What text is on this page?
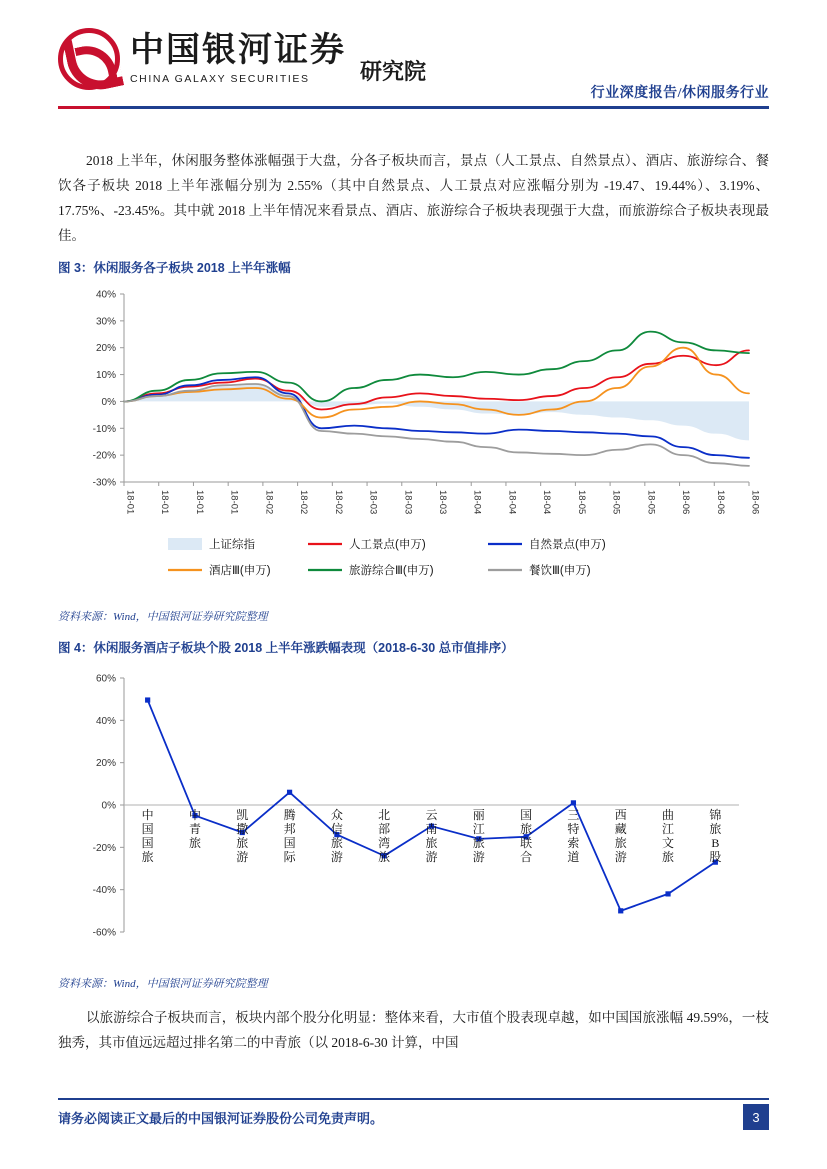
中国银河证券
CHINA GALAXY SECURITIES	研究院
行业深度报告/休闲服务行业
2018 上半年，休闲服务整体涨幅强于大盘，分各子板块而言，景点（人工景点、自然景点）、酒店、旅游综合、餐饮各子板块 2018 上半年涨幅分别为 2.55%（其中自然景点、人工景点对应涨幅分别为 -19.47、19.44%）、3.19%、17.75%、-23.45%。其中就 2018 上半年情况来看景点、酒店、旅游综合子板块表现强于大盘，而旅游综合子板块表现最佳。
图 3：休闲服务各子板块 2018 上半年涨幅
-30%
-20%
-10%
0%
10%
20%
30%
40%
18-01 18-01 18-01 18-01 18-02 18-02 18-02 18-03 18-03 18-03 18-04 18-04 18-04 18-05 18-05 18-05 18-06 18-06 18-06
上证综指	人工景点(申万)	自然景点(申万)
酒店Ⅲ(申万)	旅游综合Ⅲ(申万)	餐饮Ⅲ(申万)
资料来源：Wind，中国银河证券研究院整理
图 4：休闲服务酒店子板块个股 2018 上半年涨跌幅表现（2018-6-30 总市值排序）
-60%
-40%
-20%
0%
20%
40%
60%
中
国
国
旅
中
青
旅
凯
撒
旅
游
腾
邦
国
际
众
信
旅
游
北
部
湾
旅
云
南
旅
游
丽
江
旅
游
国
旅
联
合
三
特
索
道
西
藏
旅
游
曲
江
文
旅
锦
旅
B
股
资料来源：Wind，中国银河证券研究院整理
以旅游综合子板块而言，板块内部个股分化明显：整体来看，大市值个股表现卓越，如中国国旅涨幅 49.59%，一枝独秀，其市值远远超过排名第二的中青旅（以 2018-6-30 计算，中国
请务必阅读正文最后的中国银河证券股份公司免责声明。	3
